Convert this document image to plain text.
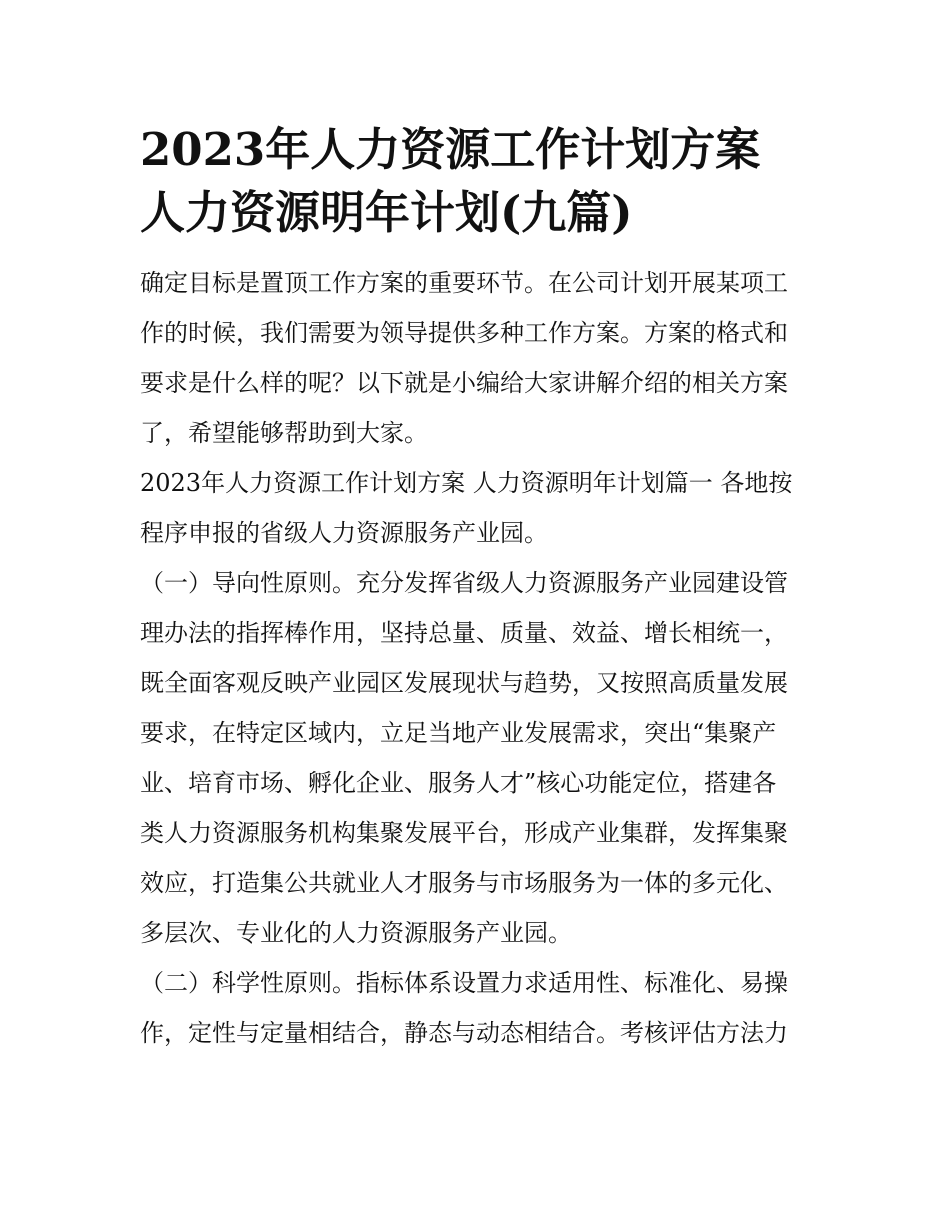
2023年人力资源工作计划方案
人力资源明年计划(九篇)

确定目标是置顶工作方案的重要环节。在公司计划开展某项工
作的时候，我们需要为领导提供多种工作方案。方案的格式和
要求是什么样的呢？以下就是小编给大家讲解介绍的相关方案
了，希望能够帮助到大家。

2023年人力资源工作计划方案 人力资源明年计划篇一 各地按
程序申报的省级人力资源服务产业园。

（一）导向性原则。充分发挥省级人力资源服务产业园建设管
理办法的指挥棒作用，坚持总量、质量、效益、增长相统一，
既全面客观反映产业园区发展现状与趋势，又按照高质量发展
要求，在特定区域内，立足当地产业发展需求，突出“集聚产
业、培育市场、孵化企业、服务人才”核心功能定位，搭建各
类人力资源服务机构集聚发展平台，形成产业集群，发挥集聚
效应，打造集公共就业人才服务与市场服务为一体的多元化、
多层次、专业化的人力资源服务产业园。

（二）科学性原则。指标体系设置力求适用性、标准化、易操
作，定性与定量相结合，静态与动态相结合。考核评估方法力
